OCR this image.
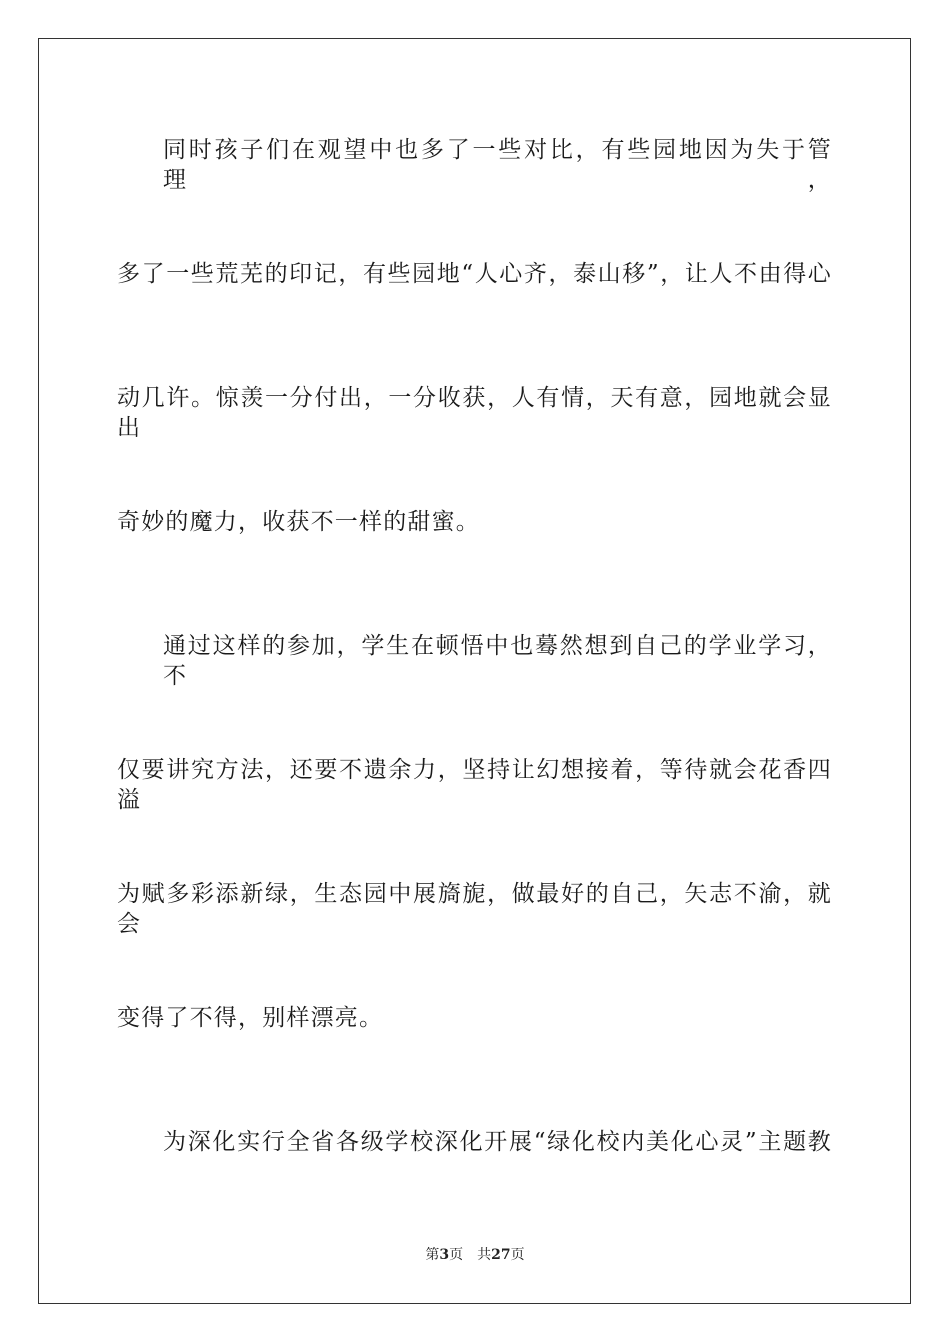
同时孩子们在观望中也多了一些对比，有些园地因为失于管理，
多了一些荒芜的印记，有些园地“人心齐，泰山移”，让人不由得心
动几许。惊羡一分付出，一分收获，人有情，天有意，园地就会显出
奇妙的魔力，收获不一样的甜蜜。
通过这样的参加，学生在顿悟中也蓦然想到自己的学业学习，不
仅要讲究方法，还要不遗余力，坚持让幻想接着，等待就会花香四溢
为赋多彩添新绿，生态园中展旖旎，做最好的自己，矢志不渝，就会
变得了不得，别样漂亮。
为深化实行全省各级学校深化开展“绿化校内美化心灵”主题教
第3页 共27页
